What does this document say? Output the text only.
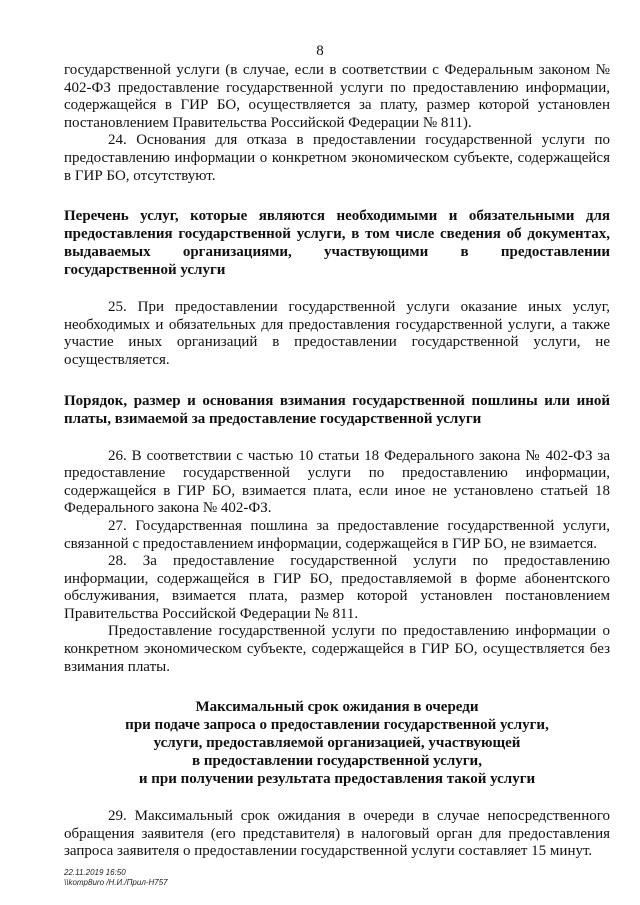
8

государственной услуги (в случае, если в соответствии с Федеральным законом № 402-ФЗ предоставление государственной услуги по предоставлению информации, содержащейся в ГИР БО, осуществляется за плату, размер которой установлен постановлением Правительства Российской Федерации № 811).

24. Основания для отказа в предоставлении государственной услуги по предоставлению информации о конкретном экономическом субъекте, содержащейся в ГИР БО, отсутствуют.

Перечень услуг, которые являются необходимыми и обязательными для предоставления государственной услуги, в том числе сведения об документах, выдаваемых организациями, участвующими в предоставлении государственной услуги

25. При предоставлении государственной услуги оказание иных услуг, необходимых и обязательных для предоставления государственной услуги, а также участие иных организаций в предоставлении государственной услуги, не осуществляется.

Порядок, размер и основания взимания государственной пошлины или иной платы, взимаемой за предоставление государственной услуги

26. В соответствии с частью 10 статьи 18 Федерального закона № 402-ФЗ за предоставление государственной услуги по предоставлению информации, содержащейся в ГИР БО, взимается плата, если иное не установлено статьей 18 Федерального закона № 402-ФЗ.

27. Государственная пошлина за предоставление государственной услуги, связанной с предоставлением информации, содержащейся в ГИР БО, не взимается.

28. За предоставление государственной услуги по предоставлению информации, содержащейся в ГИР БО, предоставляемой в форме абонентского обслуживания, взимается плата, размер которой установлен постановлением Правительства Российской Федерации № 811.

Предоставление государственной услуги по предоставлению информации о конкретном экономическом субъекте, содержащейся в ГИР БО, осуществляется без взимания платы.

Максимальный срок ожидания в очереди
при подаче запроса о предоставлении государственной услуги,
услуги, предоставляемой организацией, участвующей
в предоставлении государственной услуги,
и при получении результата предоставления такой услуги

29. Максимальный срок ожидания в очереди в случае непосредственного обращения заявителя (его представителя) в налоговый орган для предоставления запроса заявителя о предоставлении государственной услуги составляет 15 минут.

22.11.2019 16:50
\\komp8uro /Н.И./Прил-Н757
